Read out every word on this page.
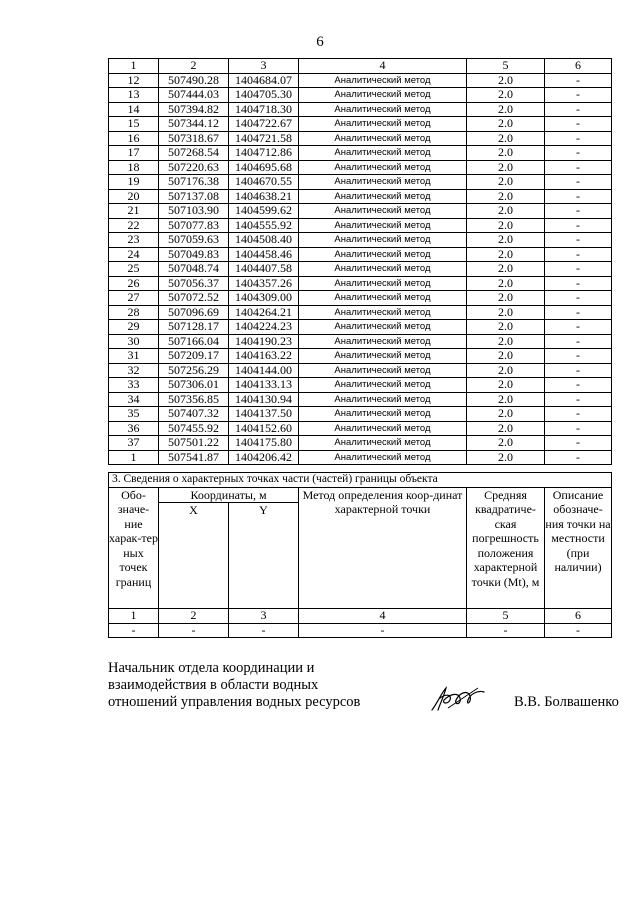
6
1	2	3	4	5	6
12	507490.28	1404684.07	Аналитический метод	2.0	-
13	507444.03	1404705.30	Аналитический метод	2.0	-
14	507394.82	1404718.30	Аналитический метод	2.0	-
15	507344.12	1404722.67	Аналитический метод	2.0	-
16	507318.67	1404721.58	Аналитический метод	2.0	-
17	507268.54	1404712.86	Аналитический метод	2.0	-
18	507220.63	1404695.68	Аналитический метод	2.0	-
19	507176.38	1404670.55	Аналитический метод	2.0	-
20	507137.08	1404638.21	Аналитический метод	2.0	-
21	507103.90	1404599.62	Аналитический метод	2.0	-
22	507077.83	1404555.92	Аналитический метод	2.0	-
23	507059.63	1404508.40	Аналитический метод	2.0	-
24	507049.83	1404458.46	Аналитический метод	2.0	-
25	507048.74	1404407.58	Аналитический метод	2.0	-
26	507056.37	1404357.26	Аналитический метод	2.0	-
27	507072.52	1404309.00	Аналитический метод	2.0	-
28	507096.69	1404264.21	Аналитический метод	2.0	-
29	507128.17	1404224.23	Аналитический метод	2.0	-
30	507166.04	1404190.23	Аналитический метод	2.0	-
31	507209.17	1404163.22	Аналитический метод	2.0	-
32	507256.29	1404144.00	Аналитический метод	2.0	-
33	507306.01	1404133.13	Аналитический метод	2.0	-
34	507356.85	1404130.94	Аналитический метод	2.0	-
35	507407.32	1404137.50	Аналитический метод	2.0	-
36	507455.92	1404152.60	Аналитический метод	2.0	-
37	507501.22	1404175.80	Аналитический метод	2.0	-
1	507541.87	1404206.42	Аналитический метод	2.0	-
3. Сведения о характерных точках части (частей) границы объекта					
Обо-значе-ние харак-тер ных точек границ	Координаты, м		Метод определения коор-динат характерной точки	Средняя квадратиче-ская погрешность положения характерной точки (Mt), м	Описание обозначе-ния точки на местности (при наличии)
	X	Y			
1	2	3	4	5	6
-	-	-	-	-	-
Начальник отдела координации и
взаимодействия в области водных
отношений управления водных ресурсов	В.В. Болвашенко
